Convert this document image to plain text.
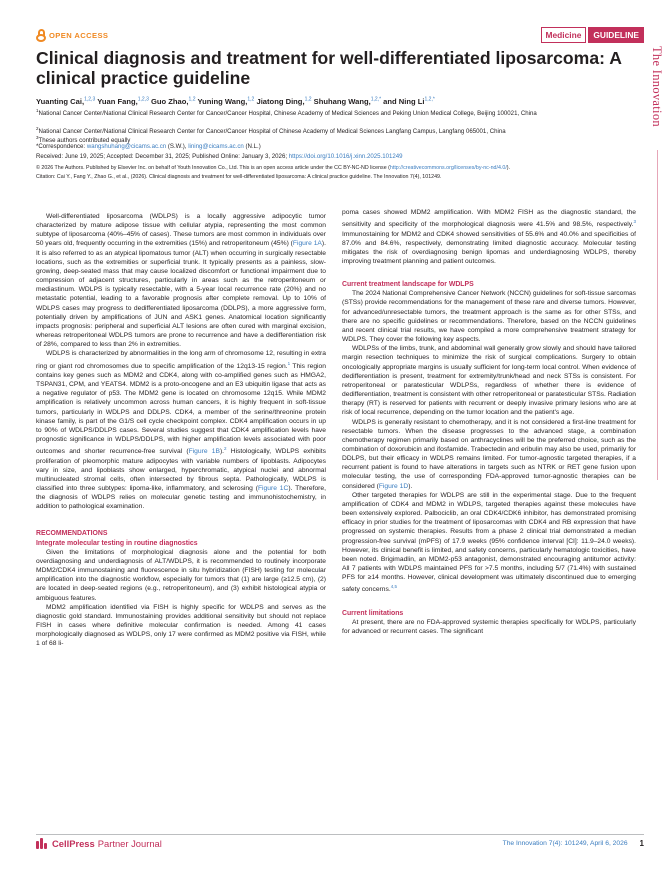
The Innovation
OPEN ACCESS	Medicine	GUIDELINE
Clinical diagnosis and treatment for well-differentiated liposarcoma: A clinical practice guideline
Yuanting Cai,$^{1,2,3}$ Yuan Fang,$^{1,2,3}$ Guo Zhao,$^{1,2}$ Yuning Wang,$^{1,2}$ Jiatong Ding,$^{1,2}$ Shuhang Wang,$^{1,2,*}$ and Ning $Li^{1,2,*}$
$^1$National Cancer Center/National Clinical Research Center for Cancer/Cancer Hospital, Chinese Academy of Medical Sciences and Peking Union Medical College, Beijing 100021, China
$^2$National Cancer Center/National Clinical Research Center for Cancer/Cancer Hospital of Chinese Academy of Medical Sciences Langfang Campus, Langfang 065001, China
$^3$These authors contributed equally
*Correspondence: wangshuhang@cicams.ac.cn (S.W.), lining@cicams.ac.cn (N.L.)
Received: June 19, 2025; Accepted: December 31, 2025; Published Online: January 3, 2026; https://doi.org/10.1016/j.xinn.2025.101249
© 2026 The Authors. Published by Elsevier Inc. on behalf of Youth Innovation Co., Ltd. This is an open access article under the CC BY-NC-ND license (http://creativecommons.org/licenses/by-nc-nd/4.0/).
Citation: Cai Y., Fang Y., Zhao G., et al., (2026). Clinical diagnosis and treatment for well-differentiated liposarcoma: A clinical practice guideline. The Innovation 7(4), 101249.

Well-differentiated liposarcoma (WDLPS) is a locally aggressive adipocytic tumor characterized by mature adipose tissue with cellular atypia, representing the most common subtype of liposarcoma (40%–45% of cases). These tumors are most common in individuals over 50 years old, frequently occurring in the extremities (15%) and retroperitoneum (45%) (Figure 1A). It is also referred to as an atypical lipomatous tumor (ALT) when occurring in surgically resectable locations, such as the extremities or superficial trunk. It typically presents as a painless, slow-growing, deep-seated mass that may cause localized discomfort or functional impairment due to compression of adjacent structures, particularly in areas such as the retroperitoneum or mediastinum. WDLPS is typically resectable, with a 5-year local recurrence rate (20%) and no metastatic potential, leading to a favorable prognosis after complete removal. Up to 10% of WDLPS cases may progress to dedifferentiated liposarcoma (DDLPS), a more aggressive form, potentially driven by amplifications of JUN and ASK1 genes. Anatomical location significantly impacts prognosis: peripheral and superficial ALT lesions are often cured with marginal excision, whereas retroperitoneal WDLPS tumors are prone to recurrence and have a dedifferentiation risk of 28%, compared to less than 2% in extremities.

WDLPS is characterized by abnormalities in the long arm of chromosome 12, resulting in extra ring or giant rod chromosomes due to specific amplification of the 12q13-15 region.$^1$ This region contains key genes such as MDM2 and CDK4, along with co-amplified genes such as HMGA2, TSPAN31, CPM, and YEATS4. MDM2 is a proto-oncogene and an E3 ubiquitin ligase that acts as a negative regulator of p53. The MDM2 gene is located on chromosome 12q15. While MDM2 amplification is relatively uncommon across human cancers, it is highly frequent in soft-tissue tumors, particularly in WDLPS and DDLPS. CDK4, a member of the serine/threonine protein kinase family, is part of the G1/S cell cycle checkpoint complex. CDK4 amplification occurs in up to 90% of WDLPS/DDLPS cases. Several studies suggest that CDK4 amplification levels have prognostic significance in WDLPS/DDLPS, with higher amplification levels associated with poor outcomes and shorter recurrence-free survival (Figure 1B).$^2$ Histologically, WDLPS exhibits proliferation of pleomorphic mature adipocytes with variable numbers of lipoblasts. Adipocytes vary in size, and lipoblasts show enlarged, hyperchromatic, atypical nuclei and abnormal multinucleated stromal cells, often intersected by fibrous septa. Pathologically, WDLPS is classified into three subtypes: lipoma-like, inflammatory, and sclerosing (Figure 1C). Therefore, the diagnosis of WDLPS relies on molecular genetic testing and immunohistochemistry, in addition to pathological examination.

RECOMMENDATIONS

Integrate molecular testing in routine diagnostics

Given the limitations of morphological diagnosis alone and the potential for both overdiagnosing and underdiagnosis of ALT/WDLPS, it is recommended to routinely incorporate MDM2/CDK4 immunostaining and fluorescence in situ hybridization (FISH) testing for molecular amplification into the diagnostic workflow, especially for tumors that (1) are large (≥12.5 cm), (2) are located in deep-seated regions (e.g., retroperitoneum), and (3) exhibit histological atypia or ambiguous features.

MDM2 amplification identified via FISH is highly specific for WDLPS and serves as the diagnostic gold standard. Immunostaining provides additional sensitivity but should not replace FISH in cases where definitive molecular confirmation is needed. Among 41 cases morphologically diagnosed as WDLPS, only 17 were confirmed as MDM2 positive via FISH, while 1 of 68 li-

poma cases showed MDM2 amplification. With MDM2 FISH as the diagnostic standard, the sensitivity and specificity of the morphological diagnosis were 41.5% and 98.5%, respectively.$^3$ Immunostaining for MDM2 and CDK4 showed sensitivities of 55.6% and 40.0% and specificities of 87.0% and 84.6%, respectively, demonstrating limited diagnostic accuracy. Molecular testing mitigates the risk of overdiagnosing benign lipomas and underdiagnosing WDLPS, thereby improving treatment planning and patient outcomes.

Current treatment landscape for WDLPS

The 2024 National Comprehensive Cancer Network (NCCN) guidelines for soft-tissue sarcomas (STSs) provide recommendations for the management of these rare and diverse tumors. However, for advanced/unresectable tumors, the treatment approach is the same as for other STSs, and there are no specific guidelines or recommendations. Therefore, based on the NCCN guidelines and recent clinical trial results, we have compiled a more comprehensive treatment strategy for WDLPS. They cover the following key aspects.

WDLPSs of the limbs, trunk, and abdominal wall generally grow slowly and should have tailored margin resection techniques to minimize the risk of surgical complications. Surgery to obtain oncologically appropriate margins is usually sufficient for long-term local control. When evidence of dedifferentiation is present, treatment for extremity/trunk/head and neck STSs is consistent. For retroperitoneal or paratesticular WDLPSs, regardless of whether there is evidence of dedifferentiation, treatment is consistent with other retroperitoneal or paratesticular STSs. Radiation therapy (RT) is reserved for patients with recurrent or deeply invasive primary lesions who are at risk of local recurrence, depending on the tumor location and the patient's age.

WDLPS is generally resistant to chemotherapy, and it is not considered a first-line treatment for resectable tumors. When the disease progresses to the advanced stage, a combination chemotherapy regimen primarily based on anthracyclines will be the preferred choice, such as the combination of doxorubicin and ifosfamide. Trabectedin and eribulin may also be used, primarily for DDLPS, but their efficacy in WDLPS remains limited. For tumor-agnostic targeted therapies, if a recurrent patient is found to have alterations in targets such as NTRK or RET gene fusion upon molecular testing, the use of corresponding FDA-approved tumor-agnostic therapies can be considered (Figure 1D).

Other targeted therapies for WDLPS are still in the experimental stage. Due to the frequent amplification of CDK4 and MDM2 in WDLPS, targeted therapies against these molecules have been extensively explored. Palbociclib, an oral CDK4/CDK6 inhibitor, has demonstrated promising efficacy in prior studies for the treatment of liposarcomas with CDK4 and RB expression that have progressed on systemic therapies. Results from a phase 2 clinical trial demonstrated a median progression-free survival (mPFS) of 17.9 weeks (95% confidence interval [CI]: 11.9–24.0 weeks). However, its clinical benefit is limited, and safety concerns, particularly hematologic toxicities, have been noted. Brigimadlin, an MDM2-p53 antagonist, demonstrated encouraging antitumor activity: All 7 patients with WDLPS maintained PFS for >7.5 months, including 5/7 (71.4%) with sustained PFS for ≥14 months. However, clinical development was ultimately discontinued due to emerging safety concerns.$^{4,5}$

Current limitations

At present, there are no FDA-approved systemic therapies specifically for WDLPS, particularly for advanced or recurrent cases. The significant

CellPress Partner Journal	The Innovation 7(4): 101249, April 6, 2026 1
